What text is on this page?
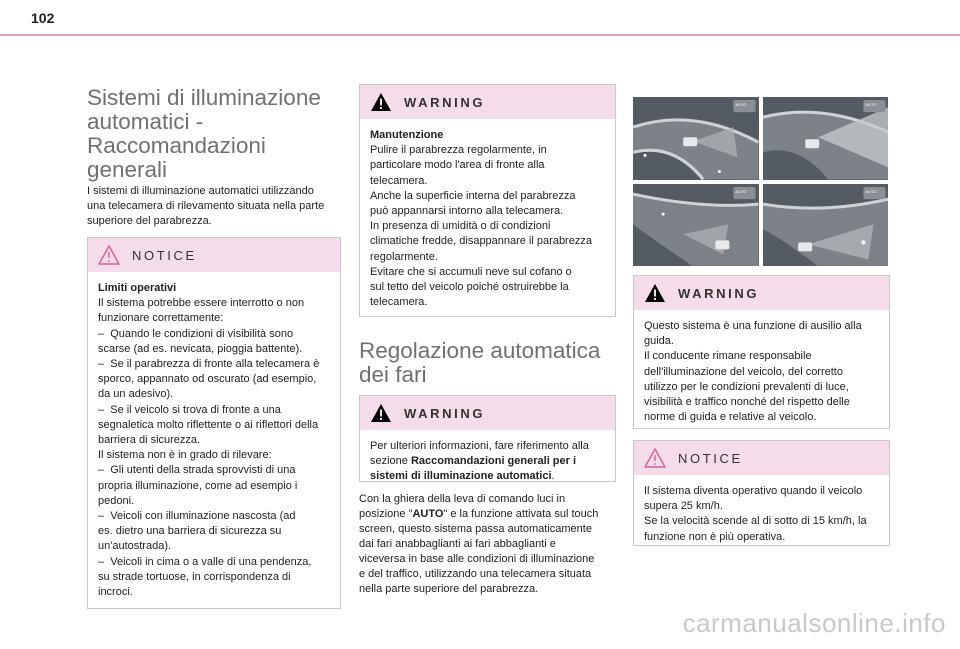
102
Sistemi di illuminazione
automatici -
Raccomandazioni
generali

I sistemi di illuminazione automatici utilizzando
una telecamera di rilevamento situata nella parte
superiore del parabrezza.

NOTICE
Limiti operativi
Il sistema potrebbe essere interrotto o non
funzionare correttamente:
–  Quando le condizioni di visibilità sono
scarse (ad es. nevicata, pioggia battente).
–  Se il parabrezza di fronte alla telecamera è
sporco, appannato od oscurato (ad esempio,
da un adesivo).
–  Se il veicolo si trova di fronte a una
segnaletica molto riflettente o ai riflettori della
barriera di sicurezza.
Il sistema non è in grado di rilevare:
–  Gli utenti della strada sprovvisti di una
propria illuminazione, come ad esempio i
pedoni.
–  Veicoli con illuminazione nascosta (ad
es. dietro una barriera di sicurezza su
un'autostrada).
–  Veicoli in cima o a valle di una pendenza,
su strade tortuose, in corrispondenza di
incroci.
WARNING
Manutenzione
Pulire il parabrezza regolarmente, in
particolare modo l'area di fronte alla
telecamera.
Anche la superficie interna del parabrezza
può appannarsi intorno alla telecamera.
In presenza di umidità o di condizioni
climatiche fredde, disappannare il parabrezza
regolarmente.
Evitare che si accumuli neve sul cofano o
sul tetto del veicolo poiché ostruirebbe la
telecamera.
Regolazione automatica
dei fari
WARNING
Per ulteriori informazioni, fare riferimento alla
sezione Raccomandazioni generali per i
sistemi di illuminazione automatici.

Con la ghiera della leva di comando luci in
posizione "AUTO" e la funzione attivata sul touch
screen, questo sistema passa automaticamente
dai fari anabbaglianti ai fari abbaglianti e
viceversa in base alle condizioni di illuminazione
e del traffico, utilizzando una telecamera situata
nella parte superiore del parabrezza.

AUTO	AUTO
AUTO	AUTO
WARNING
Questo sistema è una funzione di ausilio alla
guida.
Il conducente rimane responsabile
dell'illuminazione del veicolo, del corretto
utilizzo per le condizioni prevalenti di luce,
visibilità e traffico nonché del rispetto delle
norme di guida e relative al veicolo.
NOTICE
Il sistema diventa operativo quando il veicolo
supera 25 km/h.
Se la velocità scende al di sotto di 15 km/h, la
funzione non è più operativa.
carmanualsonline.info
